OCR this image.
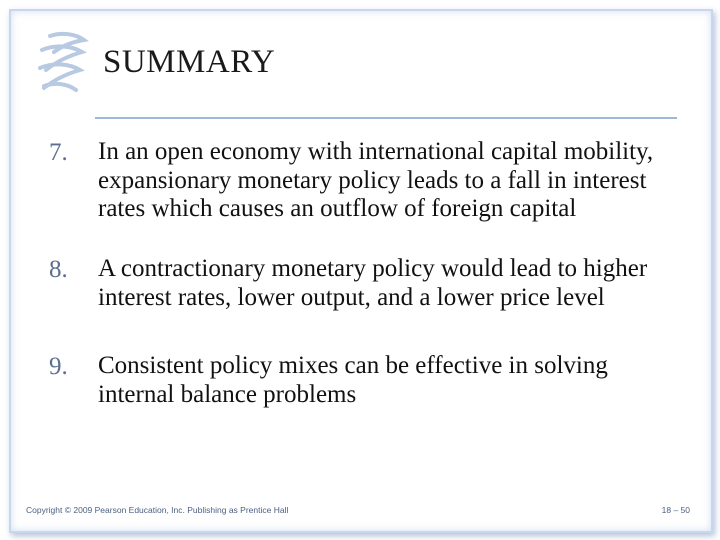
SUMMARY
7.	In an open economy with international capital mobility, expansionary monetary policy leads to a fall in interest rates which causes an outflow of foreign capital
8.	A contractionary monetary policy would lead to higher interest rates, lower output, and a lower price level
9.	Consistent policy mixes can be effective in solving internal balance problems
Copyright © 2009 Pearson Education, Inc. Publishing as Prentice Hall	18 – 50
